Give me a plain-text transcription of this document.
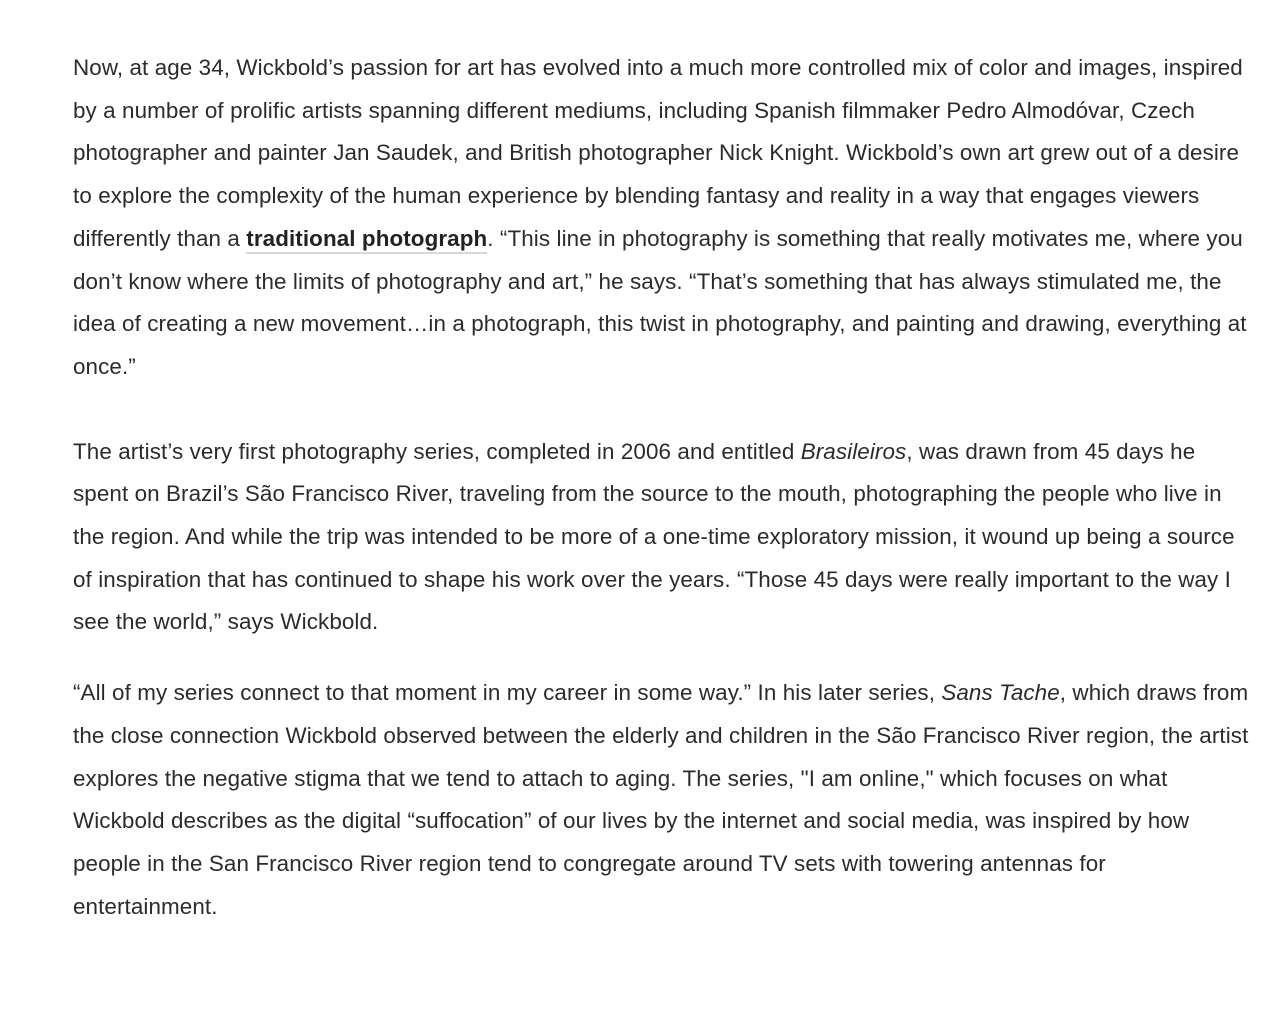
Now, at age 34, Wickbold’s passion for art has evolved into a much more controlled mix of color and images, inspired by a number of prolific artists spanning different mediums, including Spanish filmmaker Pedro Almodóvar, Czech photographer and painter Jan Saudek, and British photographer Nick Knight. Wickbold’s own art grew out of a desire to explore the complexity of the human experience by blending fantasy and reality in a way that engages viewers differently than a traditional photograph. “This line in photography is something that really motivates me, where you don’t know where the limits of photography and art,” he says. “That’s something that has always stimulated me, the idea of creating a new movement…in a photograph, this twist in photography, and painting and drawing, everything at once.”

The artist’s very first photography series, completed in 2006 and entitled Brasileiros, was drawn from 45 days he spent on Brazil’s São Francisco River, traveling from the source to the mouth, photographing the people who live in the region. And while the trip was intended to be more of a one-time exploratory mission, it wound up being a source of inspiration that has continued to shape his work over the years. “Those 45 days were really important to the way I see the world,” says Wickbold.

“All of my series connect to that moment in my career in some way.” In his later series, Sans Tache, which draws from the close connection Wickbold observed between the elderly and children in the São Francisco River region, the artist explores the negative stigma that we tend to attach to aging. The series, "I am online," which focuses on what Wickbold describes as the digital “suffocation” of our lives by the internet and social media, was inspired by how people in the San Francisco River region tend to congregate around TV sets with towering antennas for entertainment.
